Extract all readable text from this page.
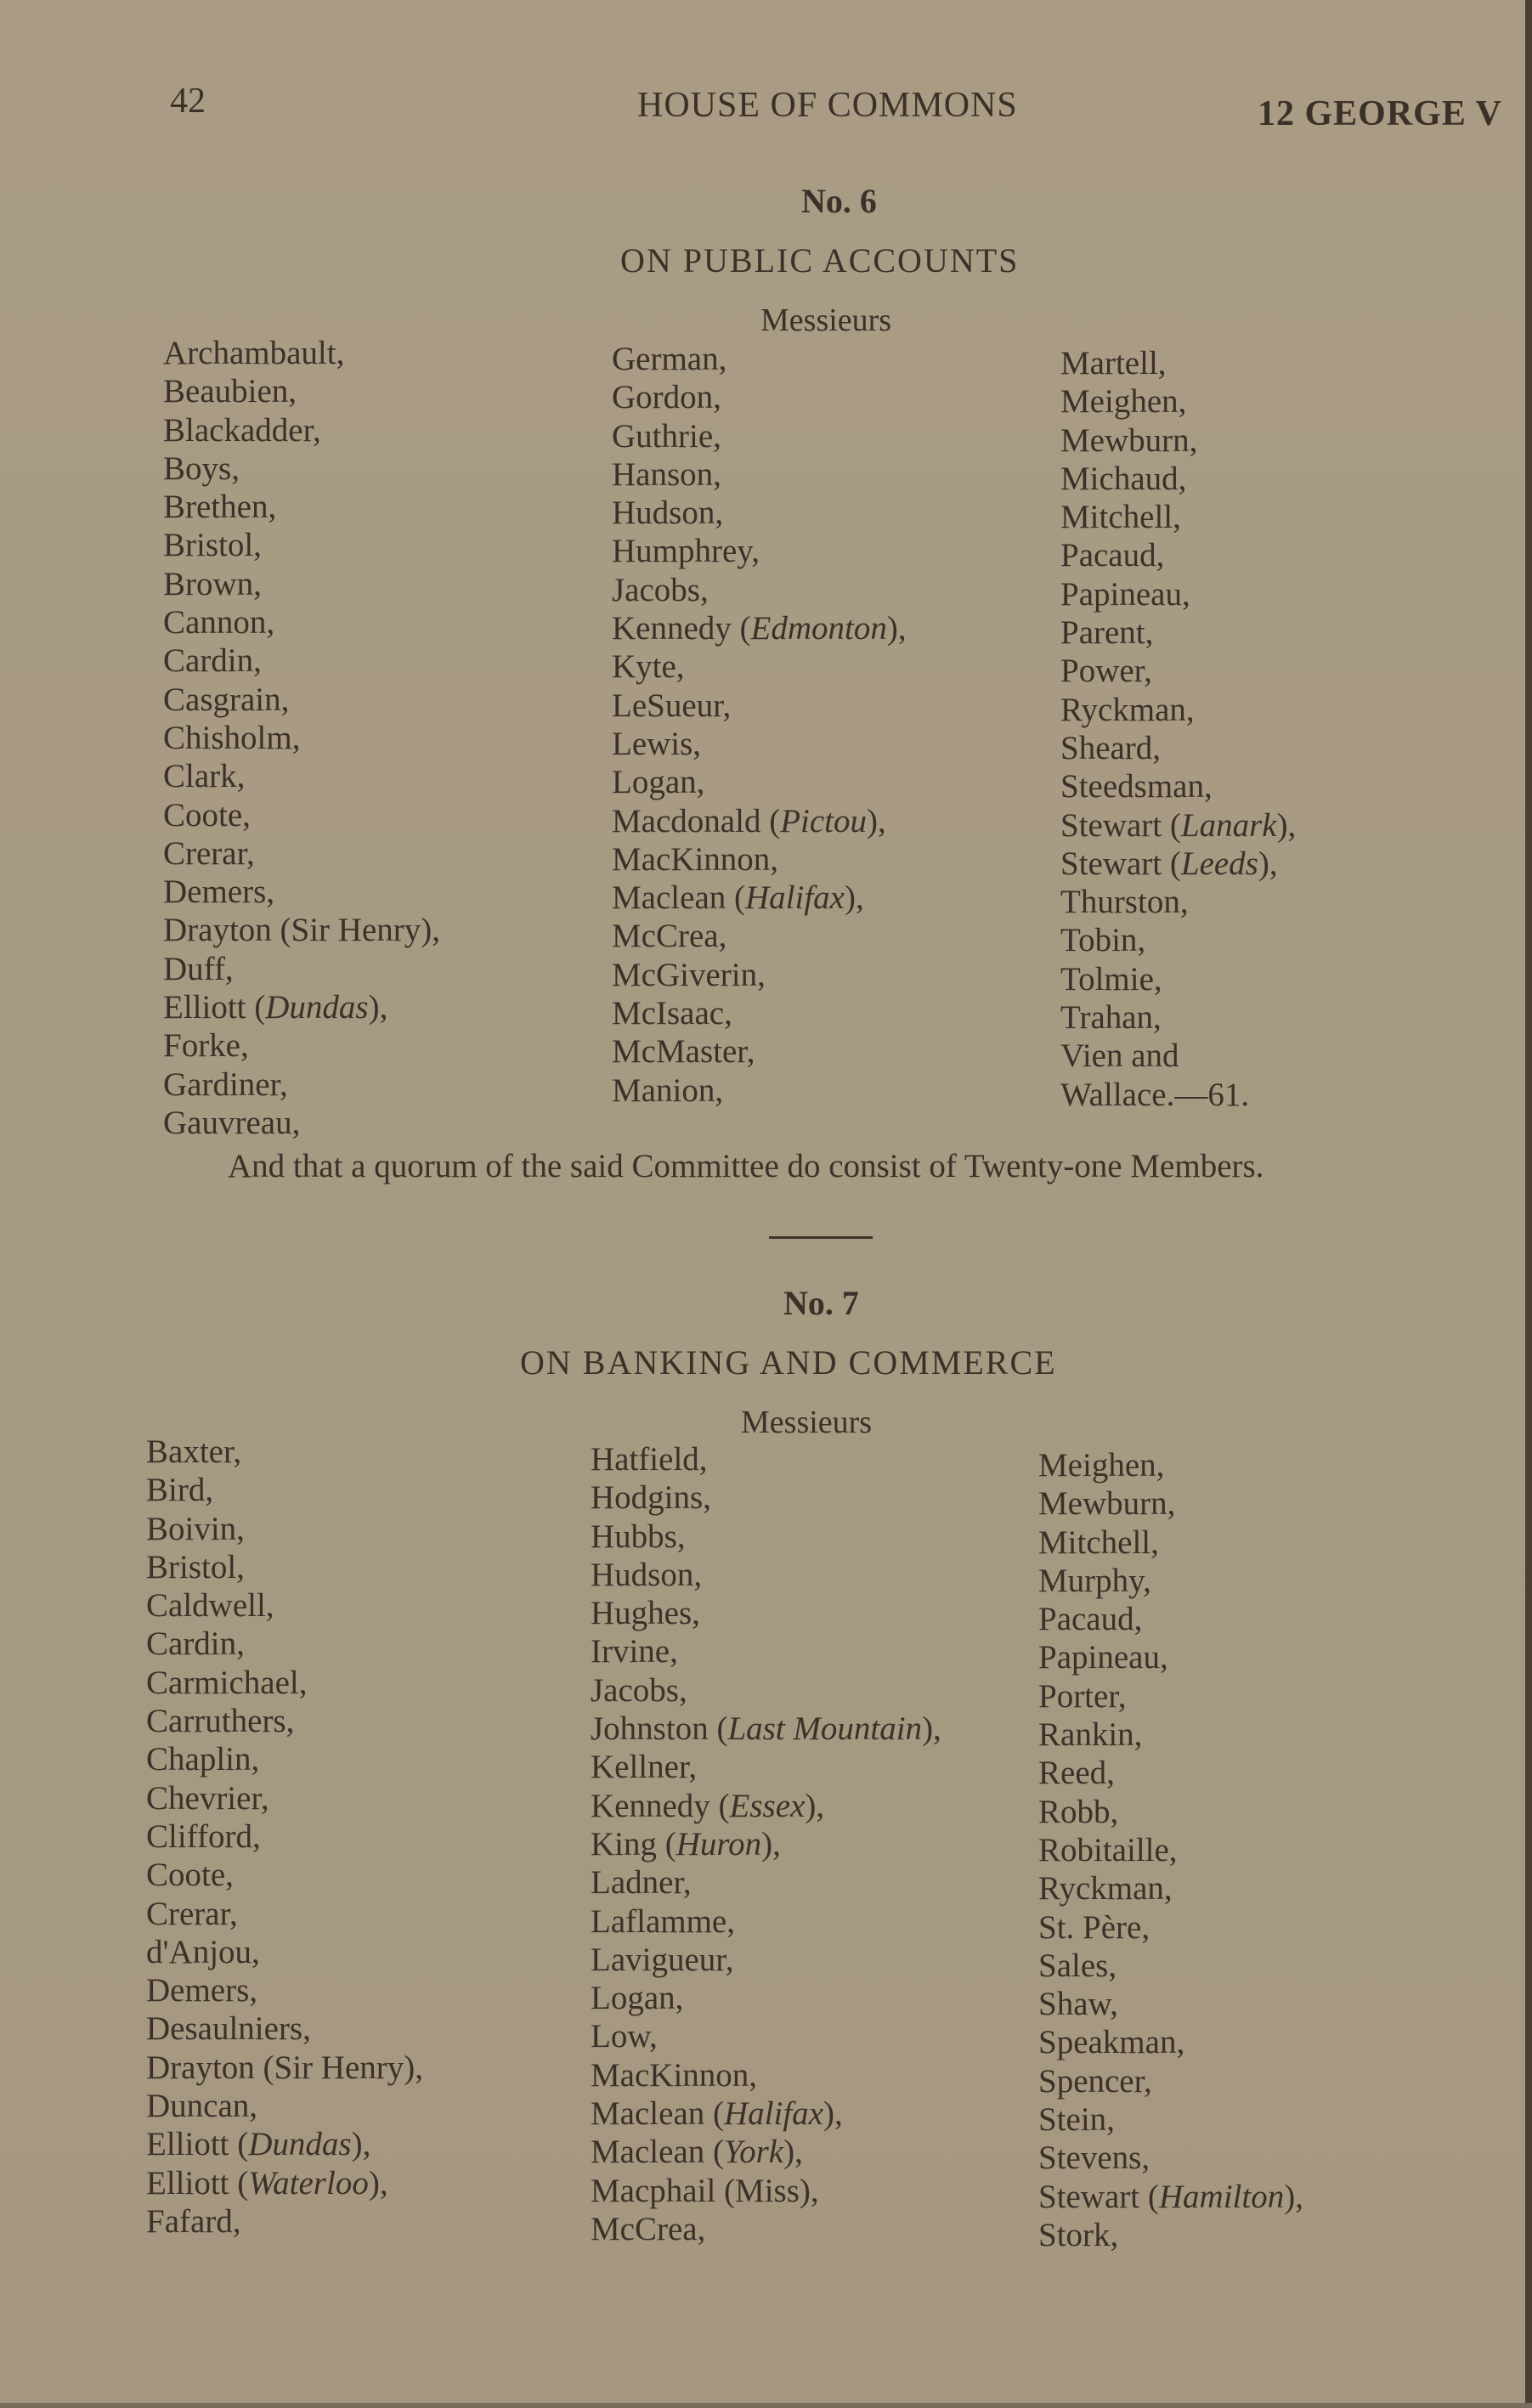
42	HOUSE OF COMMONS	12 GEORGE V
No. 6
ON PUBLIC ACCOUNTS
Messieurs
Archambault,
Beaubien,
Blackadder,
Boys,
Brethen,
Bristol,
Brown,
Cannon,
Cardin,
Casgrain,
Chisholm,
Clark,
Coote,
Crerar,
Demers,
Drayton (Sir Henry),
Duff,
Elliott (Dundas),
Forke,
Gardiner,
Gauvreau,
German,
Gordon,
Guthrie,
Hanson,
Hudson,
Humphrey,
Jacobs,
Kennedy (Edmonton),
Kyte,
LeSueur,
Lewis,
Logan,
Macdonald (Pictou),
MacKinnon,
Maclean (Halifax),
McCrea,
McGiverin,
McIsaac,
McMaster,
Manion,
Martell,
Meighen,
Mewburn,
Michaud,
Mitchell,
Pacaud,
Papineau,
Parent,
Power,
Ryckman,
Sheard,
Steedsman,
Stewart (Lanark),
Stewart (Leeds),
Thurston,
Tobin,
Tolmie,
Trahan,
Vien and
Wallace.—61.
And that a quorum of the said Committee do consist of Twenty-one Members.
No. 7
ON BANKING AND COMMERCE
Messieurs
Baxter,
Bird,
Boivin,
Bristol,
Caldwell,
Cardin,
Carmichael,
Carruthers,
Chaplin,
Chevrier,
Clifford,
Coote,
Crerar,
d'Anjou,
Demers,
Desaulniers,
Drayton (Sir Henry),
Duncan,
Elliott (Dundas),
Elliott (Waterloo),
Fafard,
Hatfield,
Hodgins,
Hubbs,
Hudson,
Hughes,
Irvine,
Jacobs,
Johnston (Last Mountain),
Kellner,
Kennedy (Essex),
King (Huron),
Ladner,
Laflamme,
Lavigueur,
Logan,
Low,
MacKinnon,
Maclean (Halifax),
Maclean (York),
Macphail (Miss),
McCrea,
Meighen,
Mewburn,
Mitchell,
Murphy,
Pacaud,
Papineau,
Porter,
Rankin,
Reed,
Robb,
Robitaille,
Ryckman,
St. Père,
Sales,
Shaw,
Speakman,
Spencer,
Stein,
Stevens,
Stewart (Hamilton),
Stork,
